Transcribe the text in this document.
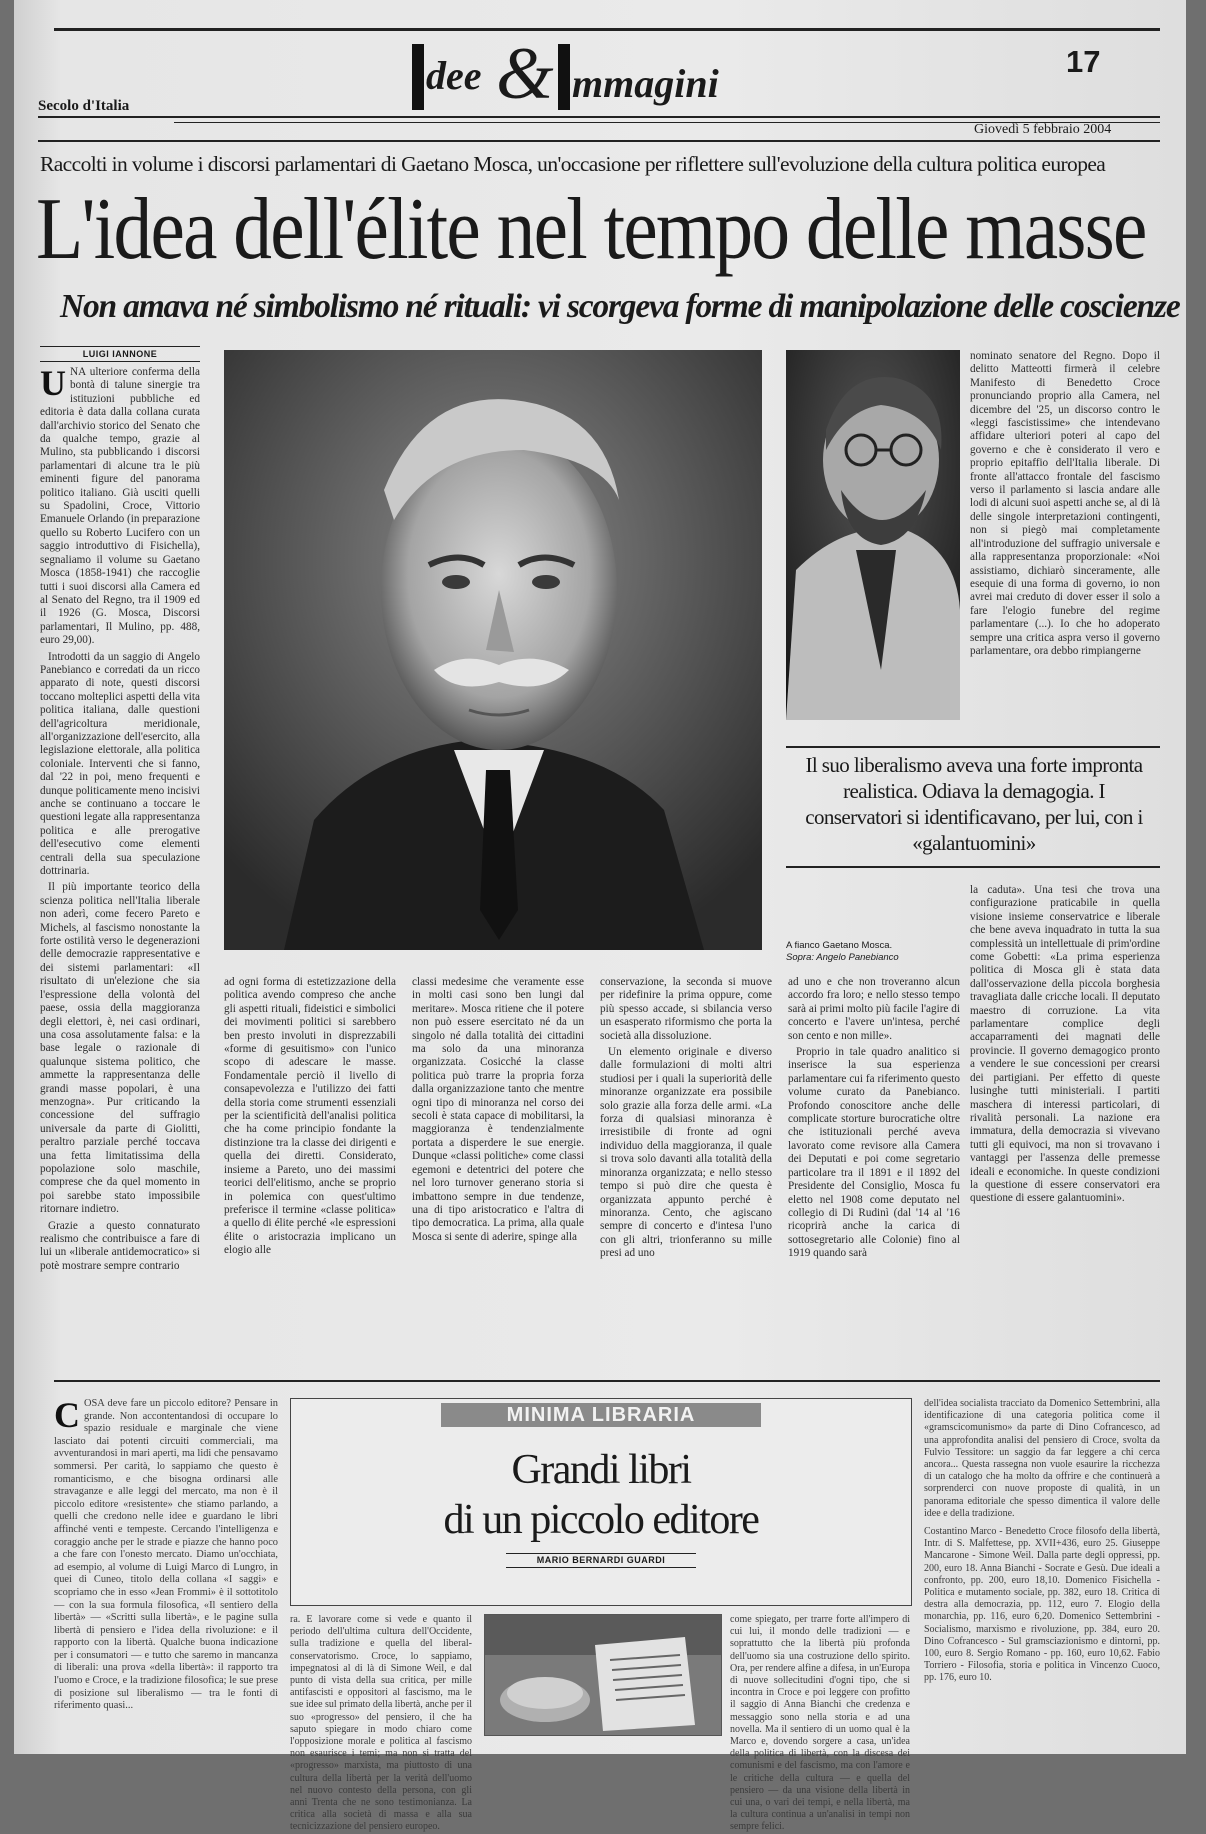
dee & mmagini	17
Secolo d'Italia
Giovedì 5 febbraio 2004
Raccolti in volume i discorsi parlamentari di Gaetano Mosca, un'occasione per riflettere sull'evoluzione della cultura politica europea
L'idea dell'élite nel tempo delle masse
Non amava né simbolismo né rituali: vi scorgeva forme di manipolazione delle coscienze
LUIGI IANNONE

UNA ulteriore conferma della bontà di talune sinergie tra istituzioni pubbliche ed editoria è data dalla collana curata dall'archivio storico del Senato che da qualche tempo, grazie al Mulino, sta pubblicando i discorsi parlamentari di alcune tra le più eminenti figure del panorama politico italiano. Già usciti quelli su Spadolini, Croce, Vittorio Emanuele Orlando (in preparazione quello su Roberto Lucifero con un saggio introduttivo di Fisichella), segnaliamo il volume su Gaetano Mosca (1858-1941) che raccoglie tutti i suoi discorsi alla Camera ed al Senato del Regno, tra il 1909 ed il 1926 (G. Mosca, Discorsi parlamentari, Il Mulino, pp. 488, euro 29,00).

Introdotti da un saggio di Angelo Panebianco e corredati da un ricco apparato di note, questi discorsi toccano molteplici aspetti della vita politica italiana, dalle questioni dell'agricoltura meridionale, all'organizzazione dell'esercito, alla legislazione elettorale, alla politica coloniale. Interventi che si fanno, dal '22 in poi, meno frequenti e dunque politicamente meno incisivi anche se continuano a toccare le questioni legate alla rappresentanza politica e alle prerogative dell'esecutivo come elementi centrali della sua speculazione dottrinaria.

Il più importante teorico della scienza politica nell'Italia liberale non aderì, come fecero Pareto e Michels, al fascismo nonostante la forte ostilità verso le degenerazioni delle democrazie rappresentative e dei sistemi parlamentari: «Il risultato di un'elezione che sia l'espressione della volontà del paese, ossia della maggioranza degli elettori, è, nei casi ordinari, una cosa assolutamente falsa: e la base legale o razionale di qualunque sistema politico, che ammette la rappresentanza delle grandi masse popolari, è una menzogna». Pur criticando la concessione del suffragio universale da parte di Giolitti, peraltro parziale perché toccava una fetta limitatissima della popolazione solo maschile, comprese che da quel momento in poi sarebbe stato impossibile ritornare indietro.

Grazie a questo connaturato realismo che contribuisce a fare di lui un «liberale antidemocratico» si potè mostrare sempre contrario

nominato senatore del Regno. Dopo il delitto Matteotti firmerà il celebre Manifesto di Benedetto Croce pronunciando proprio alla Camera, nel dicembre del '25, un discorso contro le «leggi fascistissime» che intendevano affidare ulteriori poteri al capo del governo e che è considerato il vero e proprio epitaffio dell'Italia liberale. Di fronte all'attacco frontale del fascismo verso il parlamento si lascia andare alle lodi di alcuni suoi aspetti anche se, al di là delle singole interpretazioni contingenti, non si piegò mai completamente all'introduzione del suffragio universale e alla rappresentanza proporzionale: «Noi assistiamo, dichiarò sinceramente, alle esequie di una forma di governo, io non avrei mai creduto di dover esser il solo a fare l'elogio funebre del regime parlamentare (...). Io che ho adoperato sempre una critica aspra verso il governo parlamentare, ora debbo rimpiangerne

Il suo liberalismo aveva una forte impronta realistica. Odiava la demagogia. I conservatori si identificavano, per lui, con i «galantuomini»
A fianco Gaetano Mosca.
Sopra: Angelo Panebianco

la caduta». Una tesi che trova una configurazione praticabile in quella visione insieme conservatrice e liberale che bene aveva inquadrato in tutta la sua complessità un intellettuale di prim'ordine come Gobetti: «La prima esperienza politica di Mosca gli è stata data dall'osservazione della piccola borghesia travagliata dalle cricche locali. Il deputato maestro di corruzione. La vita parlamentare complice degli accaparramenti dei magnati delle provincie. Il governo demagogico pronto a vendere le sue concessioni per crearsi dei partigiani. Per effetto di queste lusinghe tutti ministeriali. I partiti maschera di interessi particolari, di rivalità personali. La nazione era immatura, della democrazia si vivevano tutti gli equivoci, ma non si trovavano i vantaggi per l'assenza delle premesse ideali e economiche. In queste condizioni la questione di essere conservatori era questione di essere galantuomini».

ad ogni forma di estetizzazione della politica avendo compreso che anche gli aspetti rituali, fideistici e simbolici dei movimenti politici si sarebbero ben presto involuti in disprezzabili «forme di gesuitismo» con l'unico scopo di adescare le masse. Fondamentale perciò il livello di consapevolezza e l'utilizzo dei fatti della storia come strumenti essenziali per la scientificità dell'analisi politica che ha come principio fondante la distinzione tra la classe dei dirigenti e quella dei diretti. Considerato, insieme a Pareto, uno dei massimi teorici dell'elitismo, anche se proprio in polemica con quest'ultimo preferisce il termine «classe politica» a quello di élite perché «le espressioni élite o aristocrazia implicano un elogio alle

classi medesime che veramente esse in molti casi sono ben lungi dal meritare». Mosca ritiene che il potere non può essere esercitato né da un singolo né dalla totalità dei cittadini ma solo da una minoranza organizzata. Cosicché la classe politica può trarre la propria forza dalla organizzazione tanto che mentre ogni tipo di minoranza nel corso dei secoli è stata capace di mobilitarsi, la maggioranza è tendenzialmente portata a disperdere le sue energie. Dunque «classi politiche» come classi egemoni e detentrici del potere che nel loro turnover generano storia si imbattono sempre in due tendenze, una di tipo aristocratico e l'altra di tipo democratica. La prima, alla quale Mosca si sente di aderire, spinge alla

conservazione, la seconda si muove per ridefinire la prima oppure, come più spesso accade, si sbilancia verso un esasperato riformismo che porta la società alla dissoluzione.

Un elemento originale e diverso dalle formulazioni di molti altri studiosi per i quali la superiorità delle minoranze organizzate era possibile solo grazie alla forza delle armi. «La forza di qualsiasi minoranza è irresistibile di fronte ad ogni individuo della maggioranza, il quale si trova solo davanti alla totalità della minoranza organizzata; e nello stesso tempo si può dire che questa è organizzata appunto perché è minoranza. Cento, che agiscano sempre di concerto e d'intesa l'uno con gli altri, trionferanno su mille presi ad uno

ad uno e che non troveranno alcun accordo fra loro; e nello stesso tempo sarà ai primi molto più facile l'agire di concerto e l'avere un'intesa, perché son cento e non mille».

Proprio in tale quadro analitico si inserisce la sua esperienza parlamentare cui fa riferimento questo volume curato da Panebianco. Profondo conoscitore anche delle complicate storture burocratiche oltre che istituzionali perché aveva lavorato come revisore alla Camera dei Deputati e poi come segretario particolare tra il 1891 e il 1892 del Presidente del Consiglio, Mosca fu eletto nel 1908 come deputato nel collegio di Di Rudinì (dal '14 al '16 ricoprirà anche la carica di sottosegretario alle Colonie) fino al 1919 quando sarà

MINIMA LIBRARIA
Grandi libri
di un piccolo editore
MARIO BERNARDI GUARDI

COSA deve fare un piccolo editore? Pensare in grande. Non accontentandosi di occupare lo spazio residuale e marginale che viene lasciato dai potenti circuiti commerciali, ma avventurandosi in mari aperti, ma lidi che pensavamo sommersi. Per carità, lo sappiamo che questo è romanticismo, e che bisogna ordinarsi alle stravaganze e alle leggi del mercato, ma non è il piccolo editore «resistente» che stiamo parlando, a quelli che credono nelle idee e guardano le libri affinché venti e tempeste. Cercando l'intelligenza e coraggio anche per le strade e piazze che hanno poco a che fare con l'onesto mercato. Diamo un'occhiata, ad esempio, al volume di Luigi Marco di Lungro, in quei di Cuneo, titolo della collana «I saggi» e scopriamo che in esso «Jean Frommi» è il sottotitolo — con la sua formula filosofica, «Il sentiero della libertà» — «Scritti sulla libertà», e le pagine sulla libertà di pensiero e l'idea della rivoluzione: e il rapporto con la libertà. Qualche buona indicazione per i consumatori — e tutto che saremo in mancanza di liberali: una prova «della libertà»: il rapporto tra l'uomo e Croce, e la tradizione filosofica; le sue prese di posizione sul liberalismo — tra le fonti di riferimento quasi...

ra. E lavorare come si vede e quanto il periodo dell'ultima cultura dell'Occidente, sulla tradizione e quella del liberal-conservatorismo. Croce, lo sappiamo, impegnatosi al di là di Simone Weil, e dal punto di vista della sua critica, per mille antifascisti e oppositori al fascismo, ma le sue idee sul primato della libertà, anche per il suo «progresso» del pensiero, il che ha saputo spiegare in modo chiaro come l'opposizione morale e politica al fascismo non esaurisce i temi; ma non si tratta del «progresso» marxista, ma piuttosto di una cultura della libertà per la verità dell'uomo nel nuovo contesto della persona, con gli anni Trenta che ne sono testimonianza. La critica alla società di massa e alla sua tecnicizzazione del pensiero europeo.

come spiegato, per trarre forte all'impero di cui lui, il mondo delle tradizioni — e soprattutto che la libertà più profonda dell'uomo sia una costruzione dello spirito. Ora, per rendere alfine a difesa, in un'Europa di nuove sollecitudini d'ogni tipo, che si incontra in Croce e poi leggere con profitto il saggio di Anna Bianchi che credenza e messaggio sono nella storia e ad una novella. Ma il sentiero di un uomo qual è la Marco e, dovendo sorgere a casa, un'idea della politica di libertà, con la discesa dei comunismi e del fascismo, ma con l'amore e le critiche della cultura — e quella del pensiero — da una visione della libertà in cui una, o vari dei tempi, e nella libertà, ma la cultura continua a un'analisi in tempi non sempre felici.

dell'idea socialista tracciato da Domenico Settembrini, alla identificazione di una categoria politica come il «gramscicomunismo» da parte di Dino Cofrancesco, ad una approfondita analisi del pensiero di Croce, svolta da Fulvio Tessitore: un saggio da far leggere a chi cerca ancora... Questa rassegna non vuole esaurire la ricchezza di un catalogo che ha molto da offrire e che continuerà a sorprenderci con nuove proposte di qualità, in un panorama editoriale che spesso dimentica il valore delle idee e della tradizione.

Costantino Marco - Benedetto Croce filosofo della libertà, Intr. di S. Malfettese, pp. XVII+436, euro 25. Giuseppe Mancarone - Simone Weil. Dalla parte degli oppressi, pp. 200, euro 18. Anna Bianchi - Socrate e Gesù. Due ideali a confronto, pp. 200, euro 18,10. Domenico Fisichella - Politica e mutamento sociale, pp. 382, euro 18. Critica di destra alla democrazia, pp. 112, euro 7. Elogio della monarchia, pp. 116, euro 6,20. Domenico Settembrini - Socialismo, marxismo e rivoluzione, pp. 384, euro 20. Dino Cofrancesco - Sul gramsciazionismo e dintorni, pp. 100, euro 8. Sergio Romano - pp. 160, euro 10,62. Fabio Torriero - Filosofia, storia e politica in Vincenzo Cuoco, pp. 176, euro 10.
